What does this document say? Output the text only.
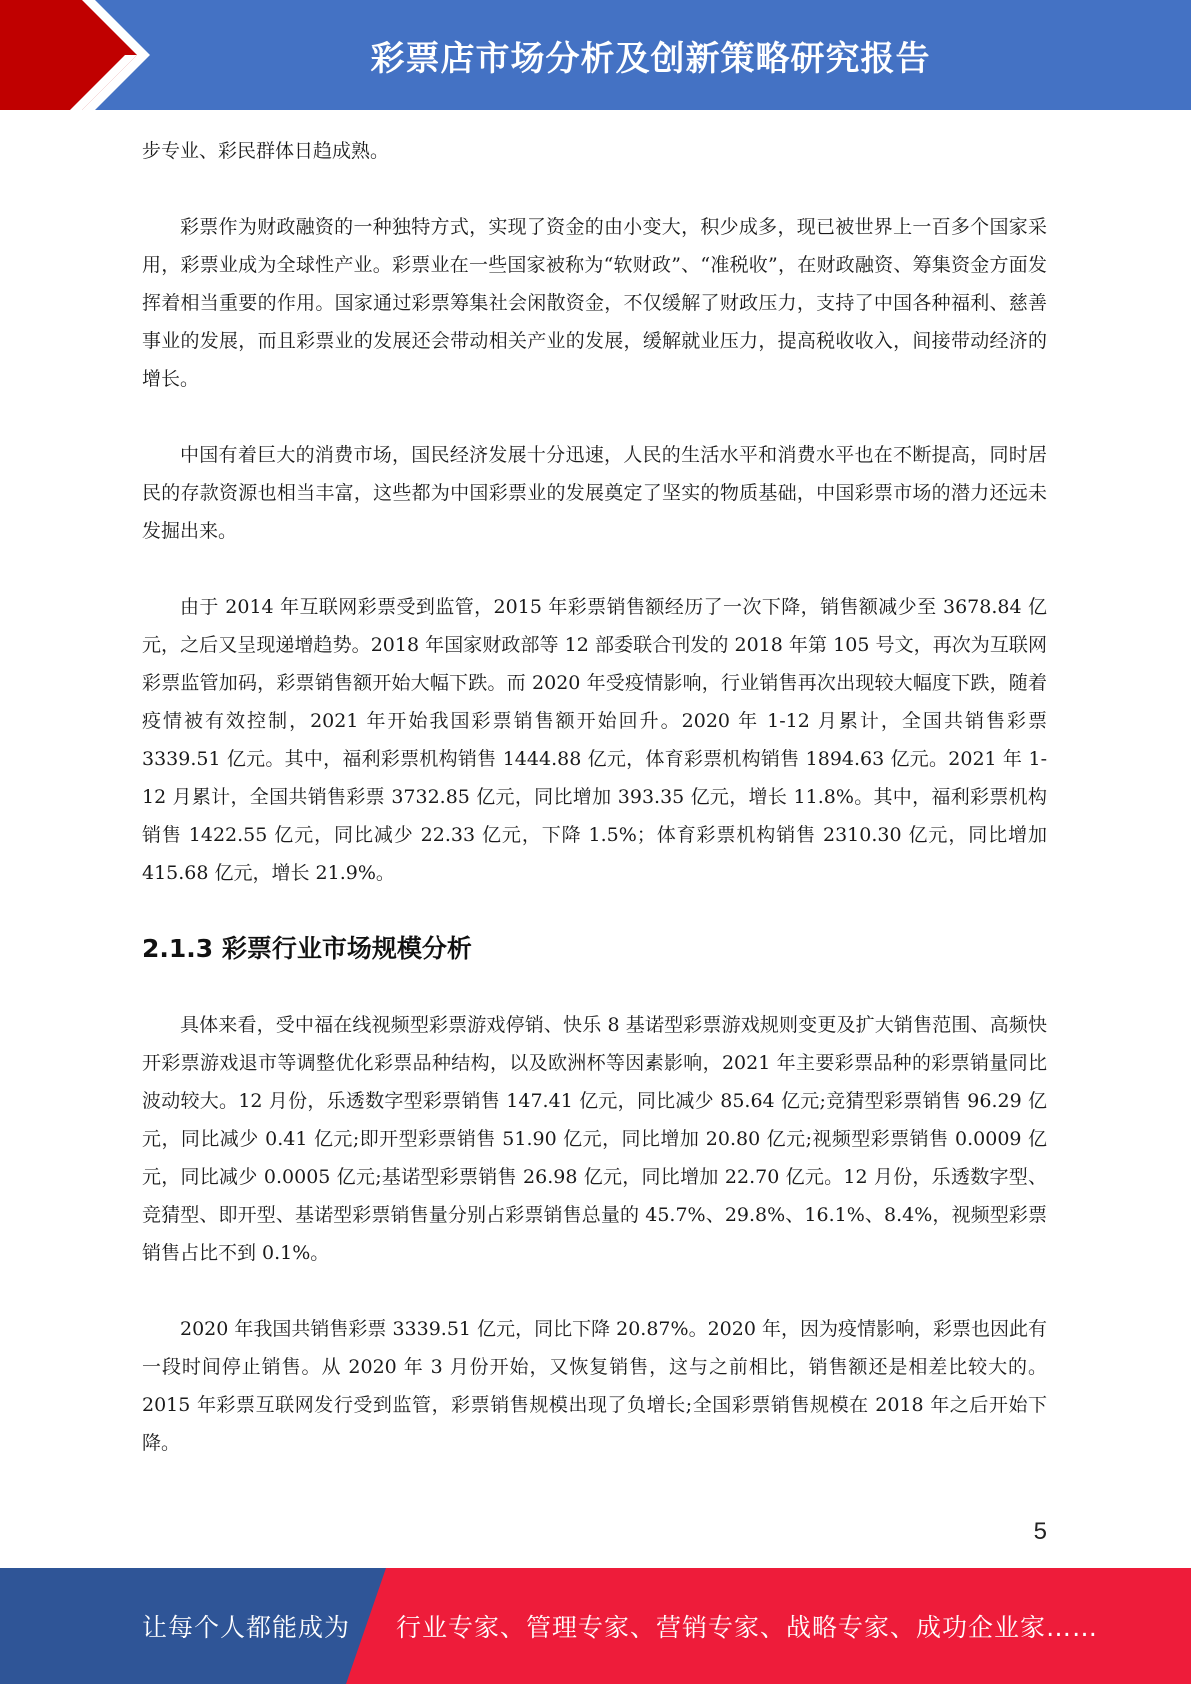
彩票店市场分析及创新策略研究报告

步专业、彩民群体日趋成熟。

彩票作为财政融资的一种独特方式，实现了资金的由小变大，积少成多，现已被世界上一百多个国家采用，彩票业成为全球性产业。彩票业在一些国家被称为“软财政”、“准税收”，在财政融资、筹集资金方面发挥着相当重要的作用。国家通过彩票筹集社会闲散资金，不仅缓解了财政压力，支持了中国各种福利、慈善事业的发展，而且彩票业的发展还会带动相关产业的发展，缓解就业压力，提高税收收入，间接带动经济的增长。

中国有着巨大的消费市场，国民经济发展十分迅速，人民的生活水平和消费水平也在不断提高，同时居民的存款资源也相当丰富，这些都为中国彩票业的发展奠定了坚实的物质基础，中国彩票市场的潜力还远未发掘出来。

由于 2014 年互联网彩票受到监管，2015 年彩票销售额经历了一次下降，销售额减少至 3678.84 亿元，之后又呈现递增趋势。2018 年国家财政部等 12 部委联合刊发的 2018 年第 105 号文，再次为互联网彩票监管加码，彩票销售额开始大幅下跌。而 2020 年受疫情影响，行业销售再次出现较大幅度下跌，随着疫情被有效控制，2021 年开始我国彩票销售额开始回升。2020 年 1-12 月累计，全国共销售彩票 3339.51 亿元。其中，福利彩票机构销售 1444.88 亿元，体育彩票机构销售 1894.63 亿元。2021 年 1-12 月累计，全国共销售彩票 3732.85 亿元，同比增加 393.35 亿元，增长 11.8%。其中，福利彩票机构销售 1422.55 亿元，同比减少 22.33 亿元，下降 1.5%；体育彩票机构销售 2310.30 亿元，同比增加 415.68 亿元，增长 21.9%。

2.1.3 彩票行业市场规模分析

具体来看，受中福在线视频型彩票游戏停销、快乐 8 基诺型彩票游戏规则变更及扩大销售范围、高频快开彩票游戏退市等调整优化彩票品种结构，以及欧洲杯等因素影响，2021 年主要彩票品种的彩票销量同比波动较大。12 月份，乐透数字型彩票销售 147.41 亿元，同比减少 85.64 亿元;竞猜型彩票销售 96.29 亿元，同比减少 0.41 亿元;即开型彩票销售 51.90 亿元，同比增加 20.80 亿元;视频型彩票销售 0.0009 亿元，同比减少 0.0005 亿元;基诺型彩票销售 26.98 亿元，同比增加 22.70 亿元。12 月份，乐透数字型、竞猜型、即开型、基诺型彩票销售量分别占彩票销售总量的 45.7%、29.8%、16.1%、8.4%，视频型彩票销售占比不到 0.1%。

2020 年我国共销售彩票 3339.51 亿元，同比下降 20.87%。2020 年，因为疫情影响，彩票也因此有一段时间停止销售。从 2020 年 3 月份开始，又恢复销售，这与之前相比，销售额还是相差比较大的。2015 年彩票互联网发行受到监管，彩票销售规模出现了负增长;全国彩票销售规模在 2018 年之后开始下降。

5
让每个人都能成为 行业专家、管理专家、营销专家、战略专家、成功企业家……
